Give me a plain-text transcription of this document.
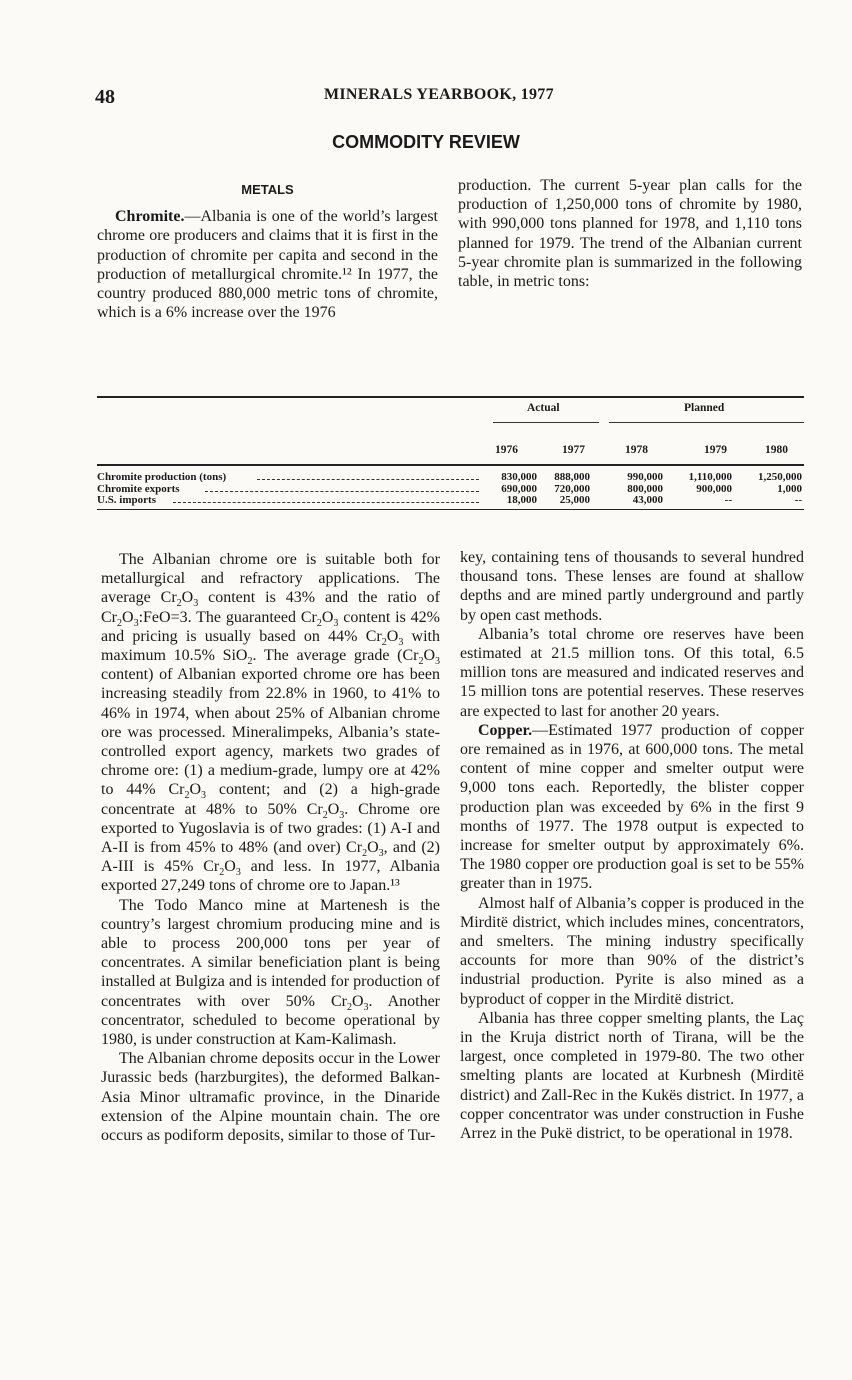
48	MINERALS YEARBOOK, 1977
COMMODITY REVIEW
METALS

Chromite.—Albania is one of the world’s largest chrome ore producers and claims that it is first in the production of chromite per capita and second in the production of metallurgical chromite.¹² In 1977, the country produced 880,000 metric tons of chromite, which is a 6% increase over the 1976

production. The current 5-year plan calls for the production of 1,250,000 tons of chromite by 1980, with 990,000 tons planned for 1978, and 1,110 tons planned for 1979. The trend of the Albanian current 5-year chromite plan is summarized in the following table, in metric tons:

Actual	Planned
1976	1977	1978	1979	1980
Chromite production (tons)	830,000	888,000	990,000	1,110,000	1,250,000
Chromite exports	690,000	720,000	800,000	900,000	1,000
U.S. imports	18,000	25,000	43,000	--	--

The Albanian chrome ore is suitable both for metallurgical and refractory applications. The average $Cr_2O_3$ content is 43% and the ratio of $Cr_2O_3:FeO=3$. The guaranteed $Cr_2O_3$ content is 42% and pricing is usually based on 44% $Cr_2O_3$ with maximum 10.5% SiO$_2$. The average grade ($Cr_2O_3$ content) of Albanian exported chrome ore has been increasing steadily from 22.8% in 1960, to 41% to 46% in 1974, when about 25% of Albanian chrome ore was processed. Mineralimpeks, Albania’s state-controlled export agency, markets two grades of chrome ore: (1) a medium-grade, lumpy ore at 42% to 44% $Cr_2O_3$ content; and (2) a high-grade concentrate at 48% to 50% $Cr_2O_3$. Chrome ore exported to Yugoslavia is of two grades: (1) A-I and A-II is from 45% to 48% (and over) $Cr_2O_3$, and (2) A-III is 45% $Cr_2O_3$ and less. In 1977, Albania exported 27,249 tons of chrome ore to Japan.¹³

The Todo Manco mine at Martenesh is the country’s largest chromium producing mine and is able to process 200,000 tons per year of concentrates. A similar beneficiation plant is being installed at Bulgiza and is intended for production of concentrates with over 50% $Cr_2O_3$. Another concentrator, scheduled to become operational by 1980, is under construction at Kam-Kalimash.

The Albanian chrome deposits occur in the Lower Jurassic beds (harzburgites), the deformed Balkan-Asia Minor ultramafic province, in the Dinaride extension of the Alpine mountain chain. The ore occurs as podiform deposits, similar to those of Tur-

key, containing tens of thousands to several hundred thousand tons. These lenses are found at shallow depths and are mined partly underground and partly by open cast methods.

Albania’s total chrome ore reserves have been estimated at 21.5 million tons. Of this total, 6.5 million tons are measured and indicated reserves and 15 million tons are potential reserves. These reserves are expected to last for another 20 years.

Copper.—Estimated 1977 production of copper ore remained as in 1976, at 600,000 tons. The metal content of mine copper and smelter output were 9,000 tons each. Reportedly, the blister copper production plan was exceeded by 6% in the first 9 months of 1977. The 1978 output is expected to increase for smelter output by approximately 6%. The 1980 copper ore production goal is set to be 55% greater than in 1975.

Almost half of Albania’s copper is produced in the Mirditë district, which includes mines, concentrators, and smelters. The mining industry specifically accounts for more than 90% of the district’s industrial production. Pyrite is also mined as a byproduct of copper in the Mirditë district.

Albania has three copper smelting plants, the Laç in the Kruja district north of Tirana, will be the largest, once completed in 1979-80. The two other smelting plants are located at Kurbnesh (Mirditë district) and Zall-Rec in the Kukës district. In 1977, a copper concentrator was under construction in Fushe Arrez in the Pukë district, to be operational in 1978.
